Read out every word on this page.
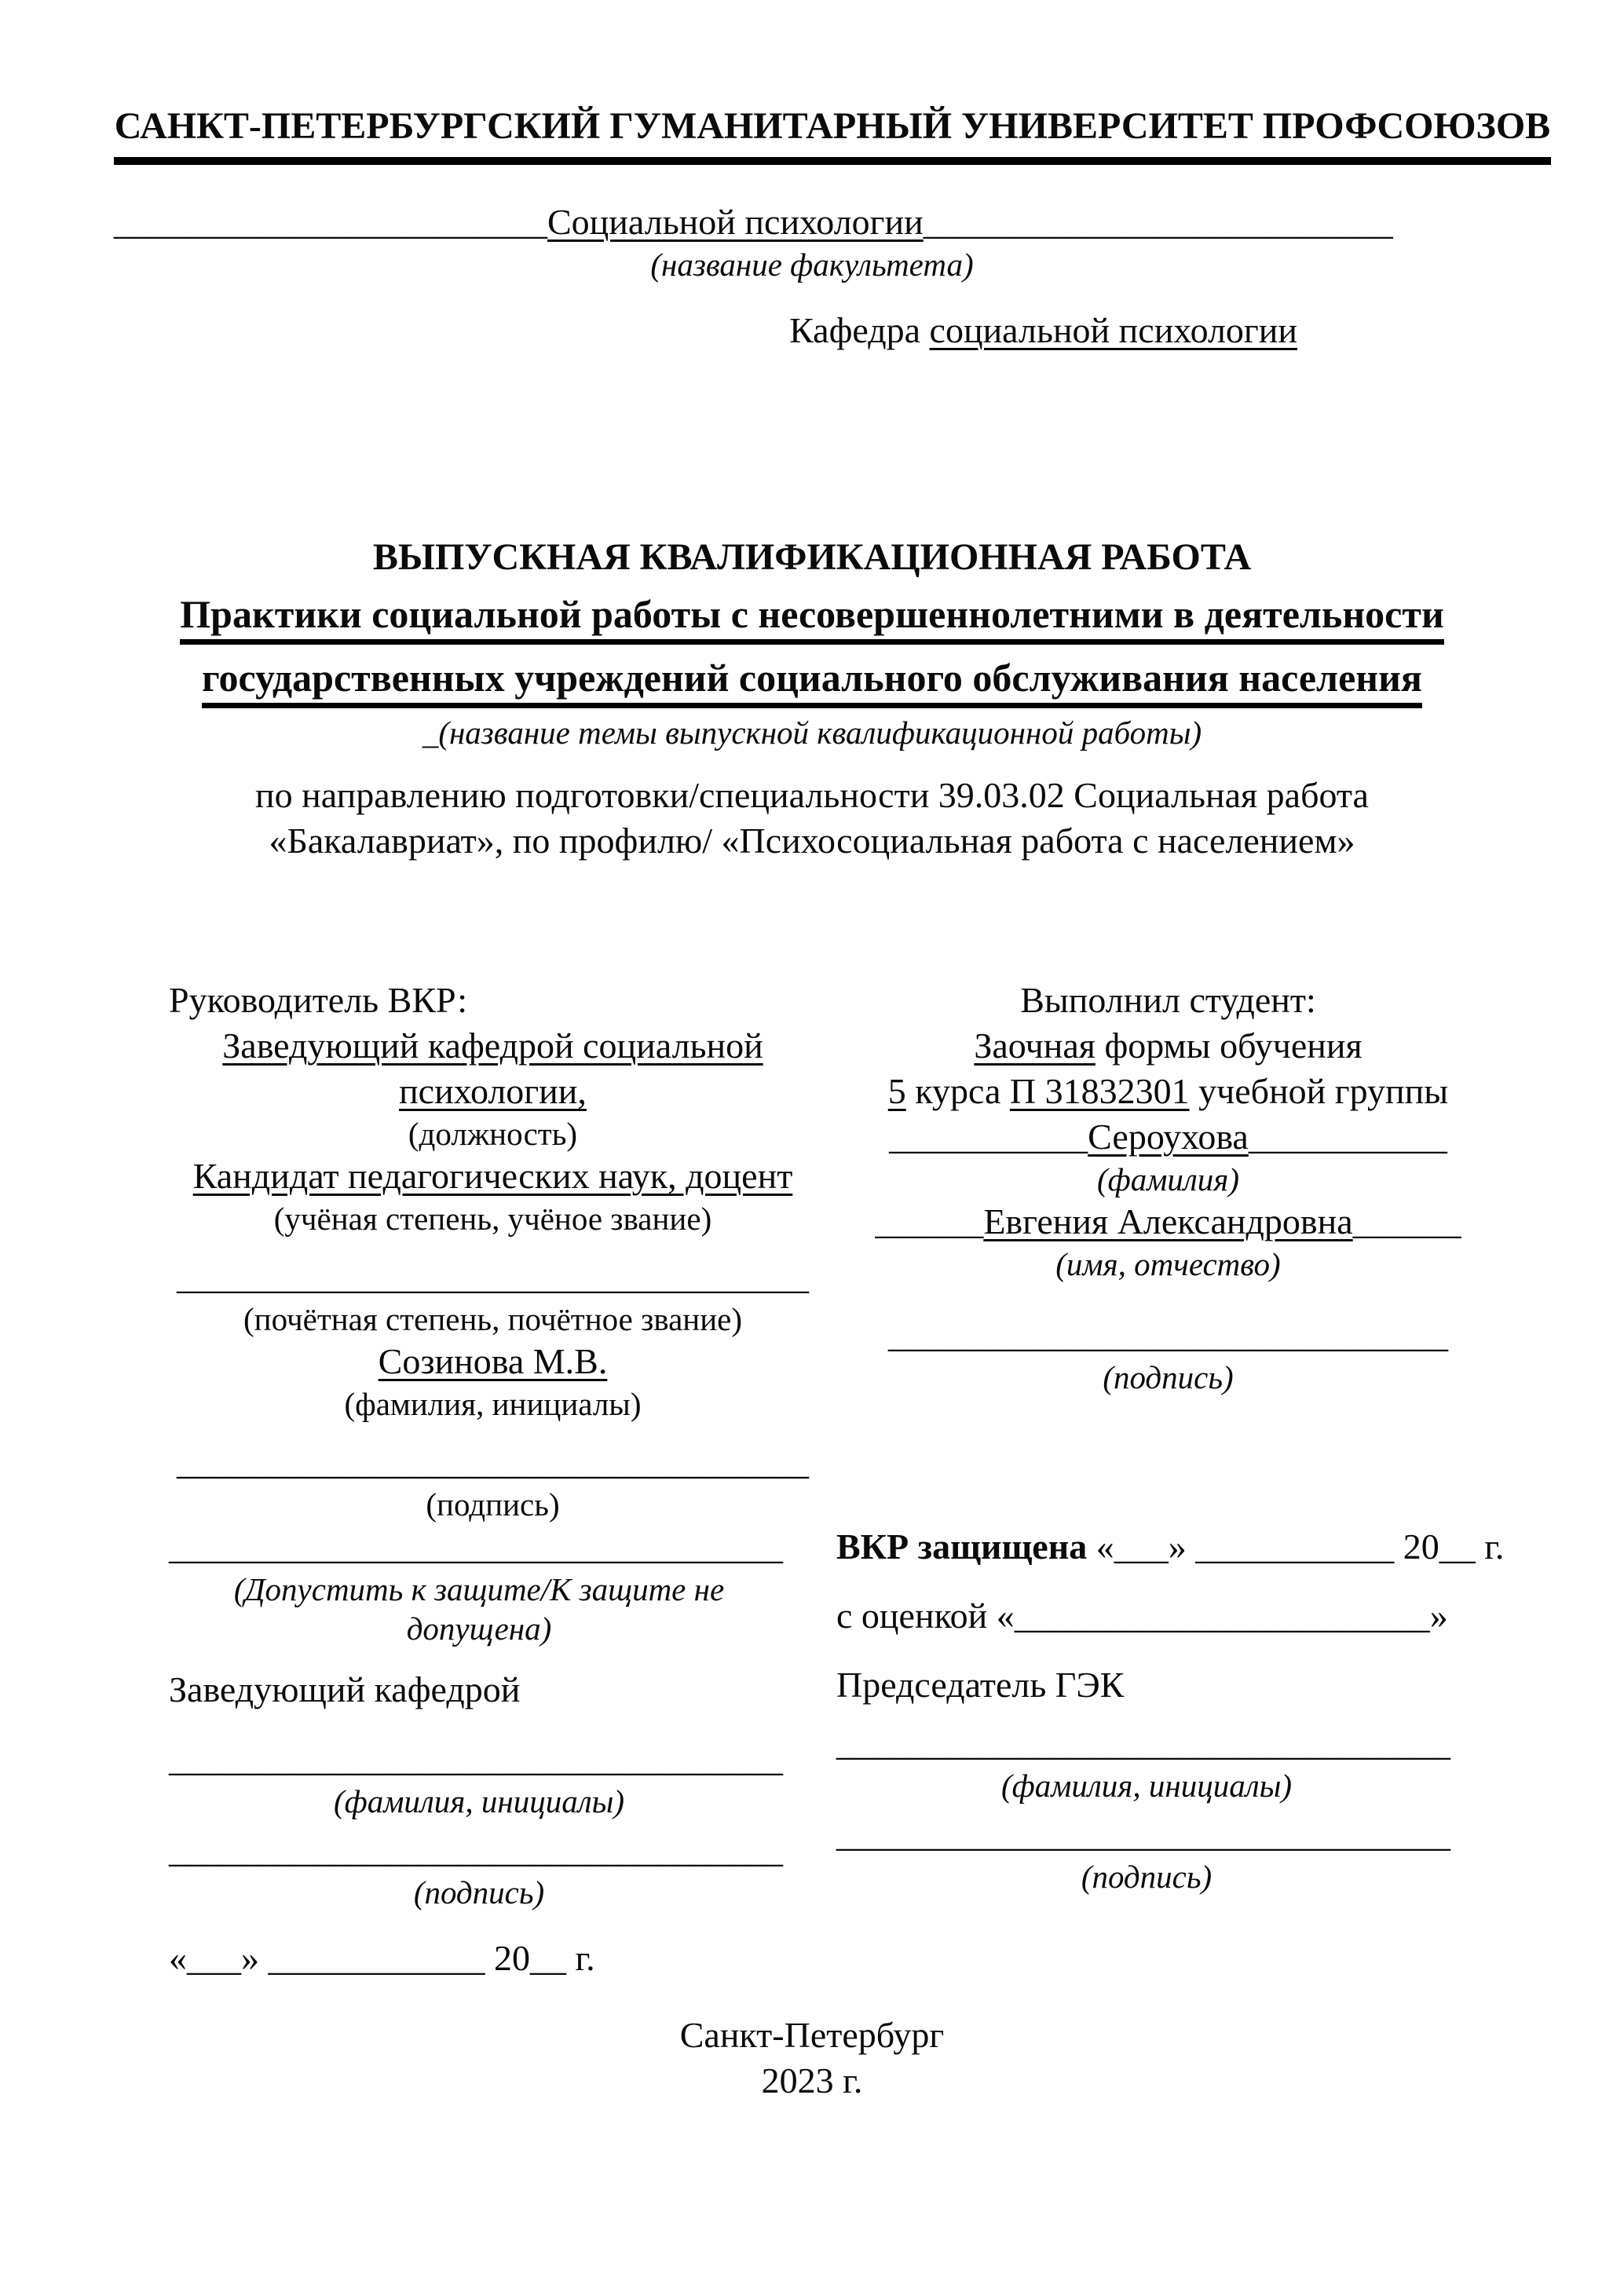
САНКТ-ПЕТЕРБУРГСКИЙ ГУМАНИТАРНЫЙ УНИВЕРСИТЕТ ПРОФСОЮЗОВ
________________________Социальной психологии__________________________
(название факультета)
Кафедра социальной психологии
ВЫПУСКНАЯ КВАЛИФИКАЦИОННАЯ РАБОТА
Практики социальной работы с несовершеннолетними в деятельности
государственных учреждений социального обслуживания населения
_(название темы выпускной квалификационной работы)
по направлению подготовки/специальности 39.03.02 Социальная работа
«Бакалавриат», по профилю/ «Психосоциальная работа с населением»
Руководитель ВКР:
Заведующий кафедрой социальной
психологии,
(должность)
Кандидат педагогических наук, доцент
(учёная степень, учёное звание)
___________________________________
(почётная степень, почётное звание)
Созинова М.В.
(фамилия, инициалы)
___________________________________
(подпись)
Выполнил студент:
Заочная формы обучения
5 курса П 31832301 учебной группы
___________Сероухова___________
(фамилия)
______Евгения Александровна______
(имя, отчество)
_______________________________
(подпись)
__________________________________
(Допустить к защите/К защите не допущена)
Заведующий кафедрой
__________________________________
(фамилия, инициалы)
__________________________________
(подпись)
«___» ____________ 20__ г.
ВКР защищена «___» ___________ 20__ г.
с оценкой «_______________________»
Председатель ГЭК
__________________________________
(фамилия, инициалы)
__________________________________
(подпись)
Санкт-Петербург
2023 г.
